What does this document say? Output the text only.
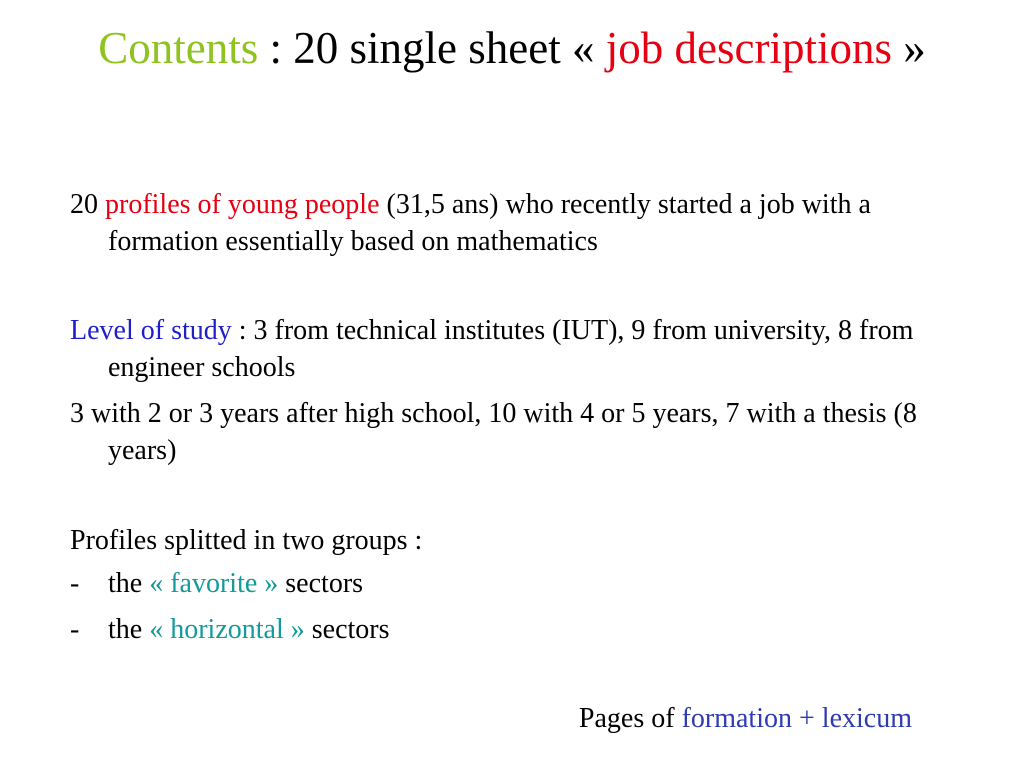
Contents : 20 single sheet « job descriptions »
20 profiles of young people (31,5 ans) who recently started a job with a formation essentially based on mathematics
Level of study : 3 from technical institutes (IUT), 9 from university, 8 from engineer schools
3 with 2 or 3 years after high school, 10 with 4 or 5 years, 7 with a thesis (8 years)
Profiles splitted in two groups :
-	the « favorite » sectors
-	the « horizontal » sectors
Pages of formation + lexicum
